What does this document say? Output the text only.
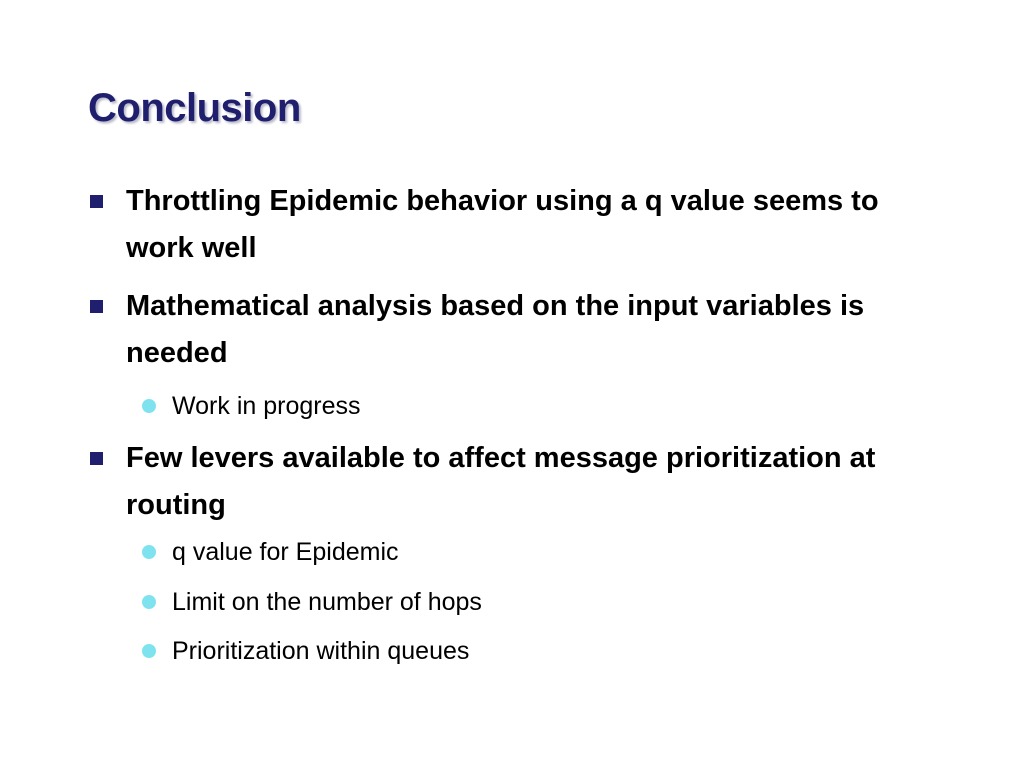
Conclusion
Throttling Epidemic behavior using a q value seems to work well
Mathematical analysis based on the input variables is needed
Work in progress
Few levers available to affect message prioritization at routing
q value for Epidemic
Limit on the number of hops
Prioritization within queues
